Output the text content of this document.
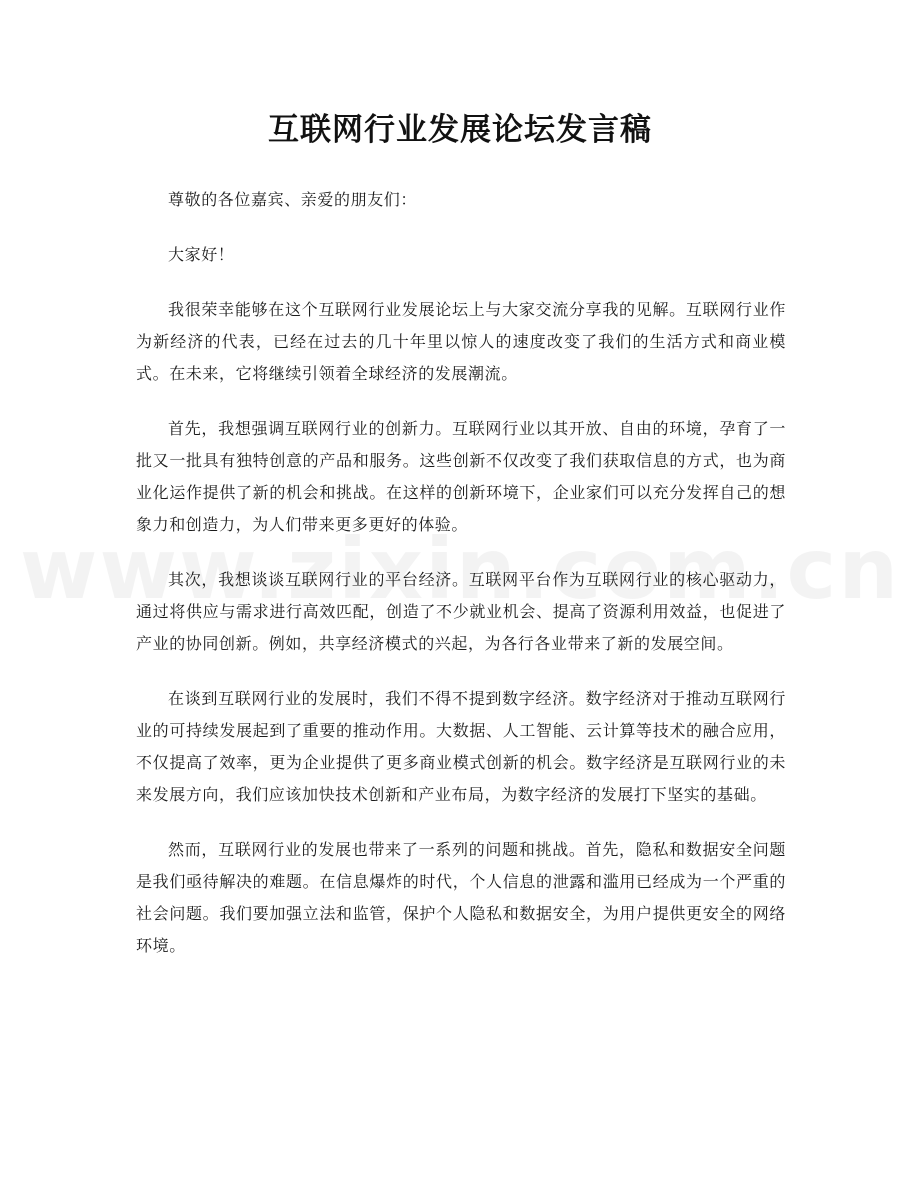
互联网行业发展论坛发言稿

尊敬的各位嘉宾、亲爱的朋友们：

大家好！

我很荣幸能够在这个互联网行业发展论坛上与大家交流分享我的见解。互联网行业作为新经济的代表，已经在过去的几十年里以惊人的速度改变了我们的生活方式和商业模式。在未来，它将继续引领着全球经济的发展潮流。

首先，我想强调互联网行业的创新力。互联网行业以其开放、自由的环境，孕育了一批又一批具有独特创意的产品和服务。这些创新不仅改变了我们获取信息的方式，也为商业化运作提供了新的机会和挑战。在这样的创新环境下，企业家们可以充分发挥自己的想象力和创造力，为人们带来更多更好的体验。

其次，我想谈谈互联网行业的平台经济。互联网平台作为互联网行业的核心驱动力，通过将供应与需求进行高效匹配，创造了不少就业机会、提高了资源利用效益，也促进了产业的协同创新。例如，共享经济模式的兴起，为各行各业带来了新的发展空间。

在谈到互联网行业的发展时，我们不得不提到数字经济。数字经济对于推动互联网行业的可持续发展起到了重要的推动作用。大数据、人工智能、云计算等技术的融合应用，不仅提高了效率，更为企业提供了更多商业模式创新的机会。数字经济是互联网行业的未来发展方向，我们应该加快技术创新和产业布局，为数字经济的发展打下坚实的基础。

然而，互联网行业的发展也带来了一系列的问题和挑战。首先，隐私和数据安全问题是我们亟待解决的难题。在信息爆炸的时代，个人信息的泄露和滥用已经成为一个严重的社会问题。我们要加强立法和监管，保护个人隐私和数据安全，为用户提供更安全的网络环境。
